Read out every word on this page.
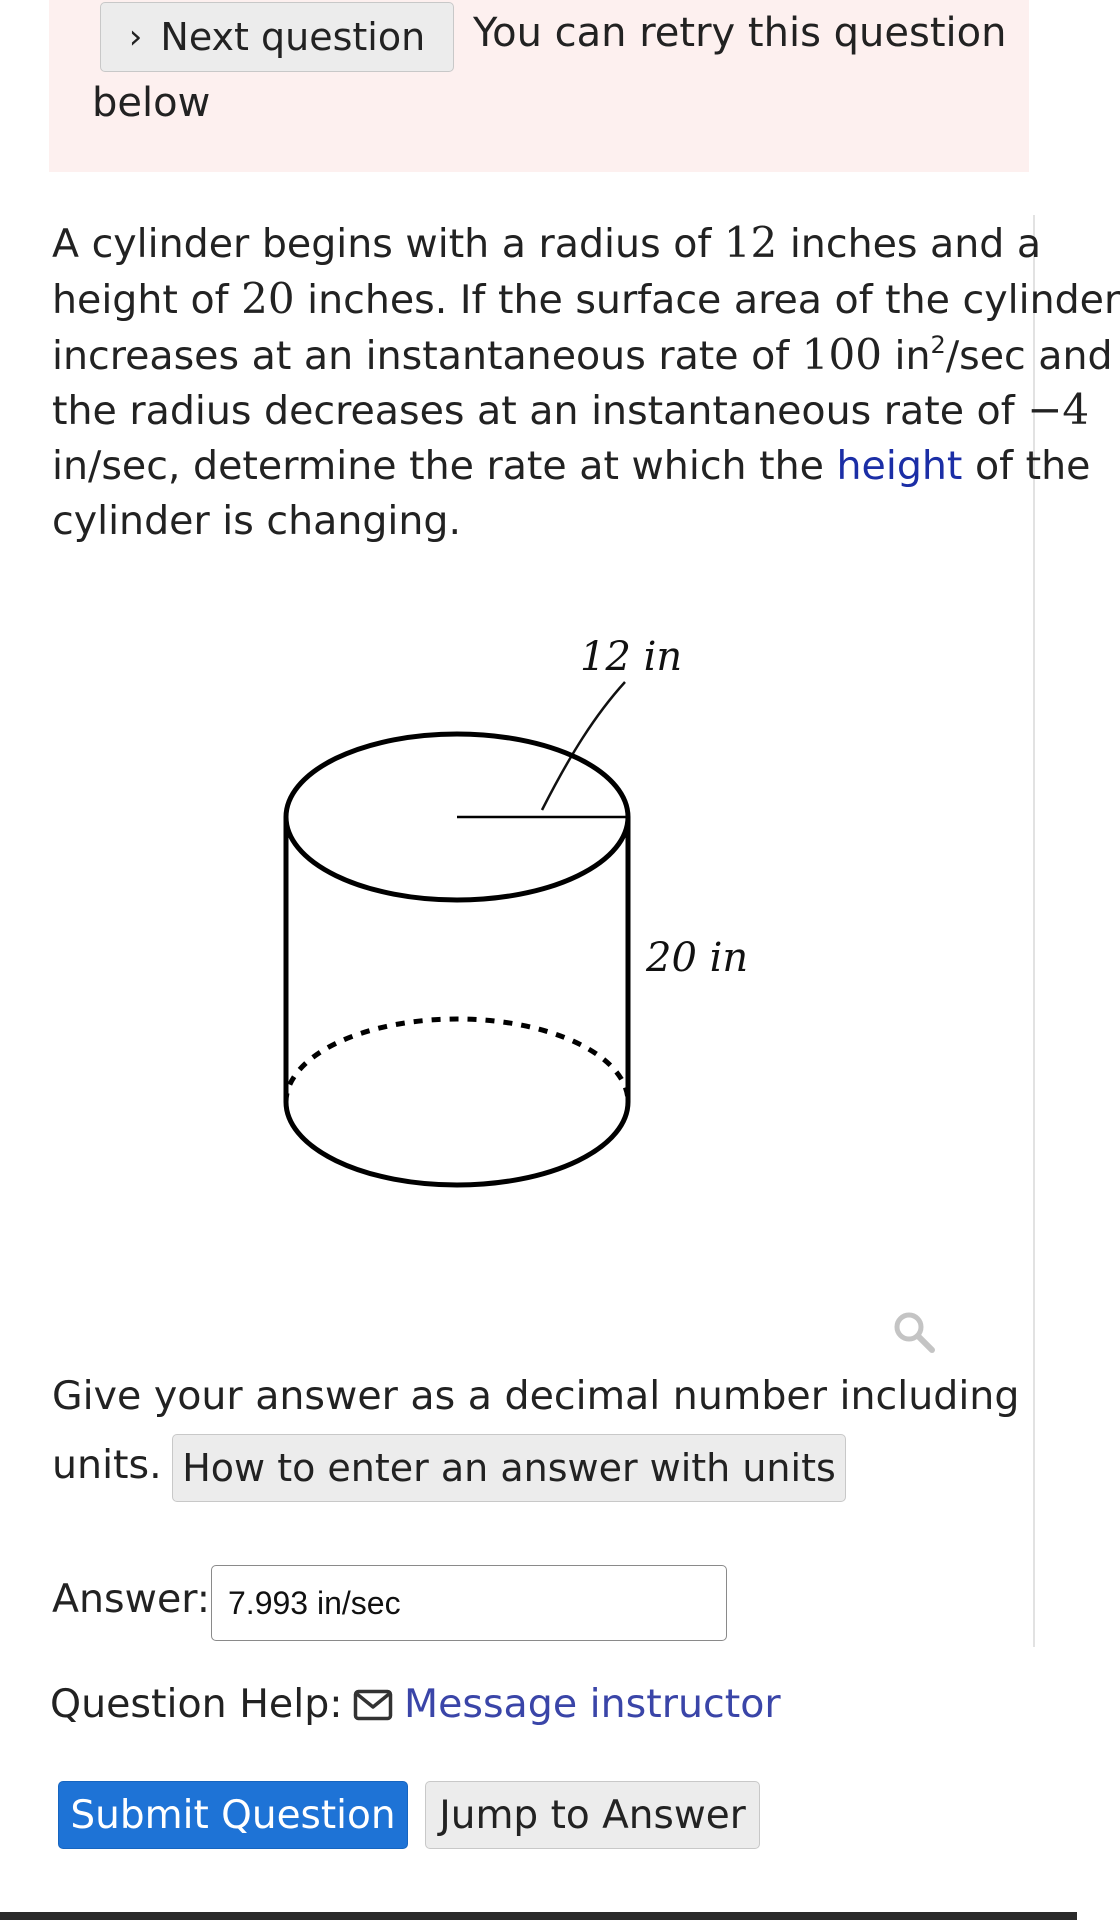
› Next question You can retry this question
below
A cylinder begins with a radius of 12 inches and a
height of 20 inches. If the surface area of the cylinder
increases at an instantaneous rate of 100 $in^2/\sec$ and
the radius decreases at an instantaneous rate of −4
in/sec, determine the rate at which the height of the
cylinder is changing.
12 in
20 in
Give your answer as a decimal number including
units. How to enter an answer with units
Answer:
7.993 in/sec
Question Help: Message instructor
Submit Question	Jump to Answer
